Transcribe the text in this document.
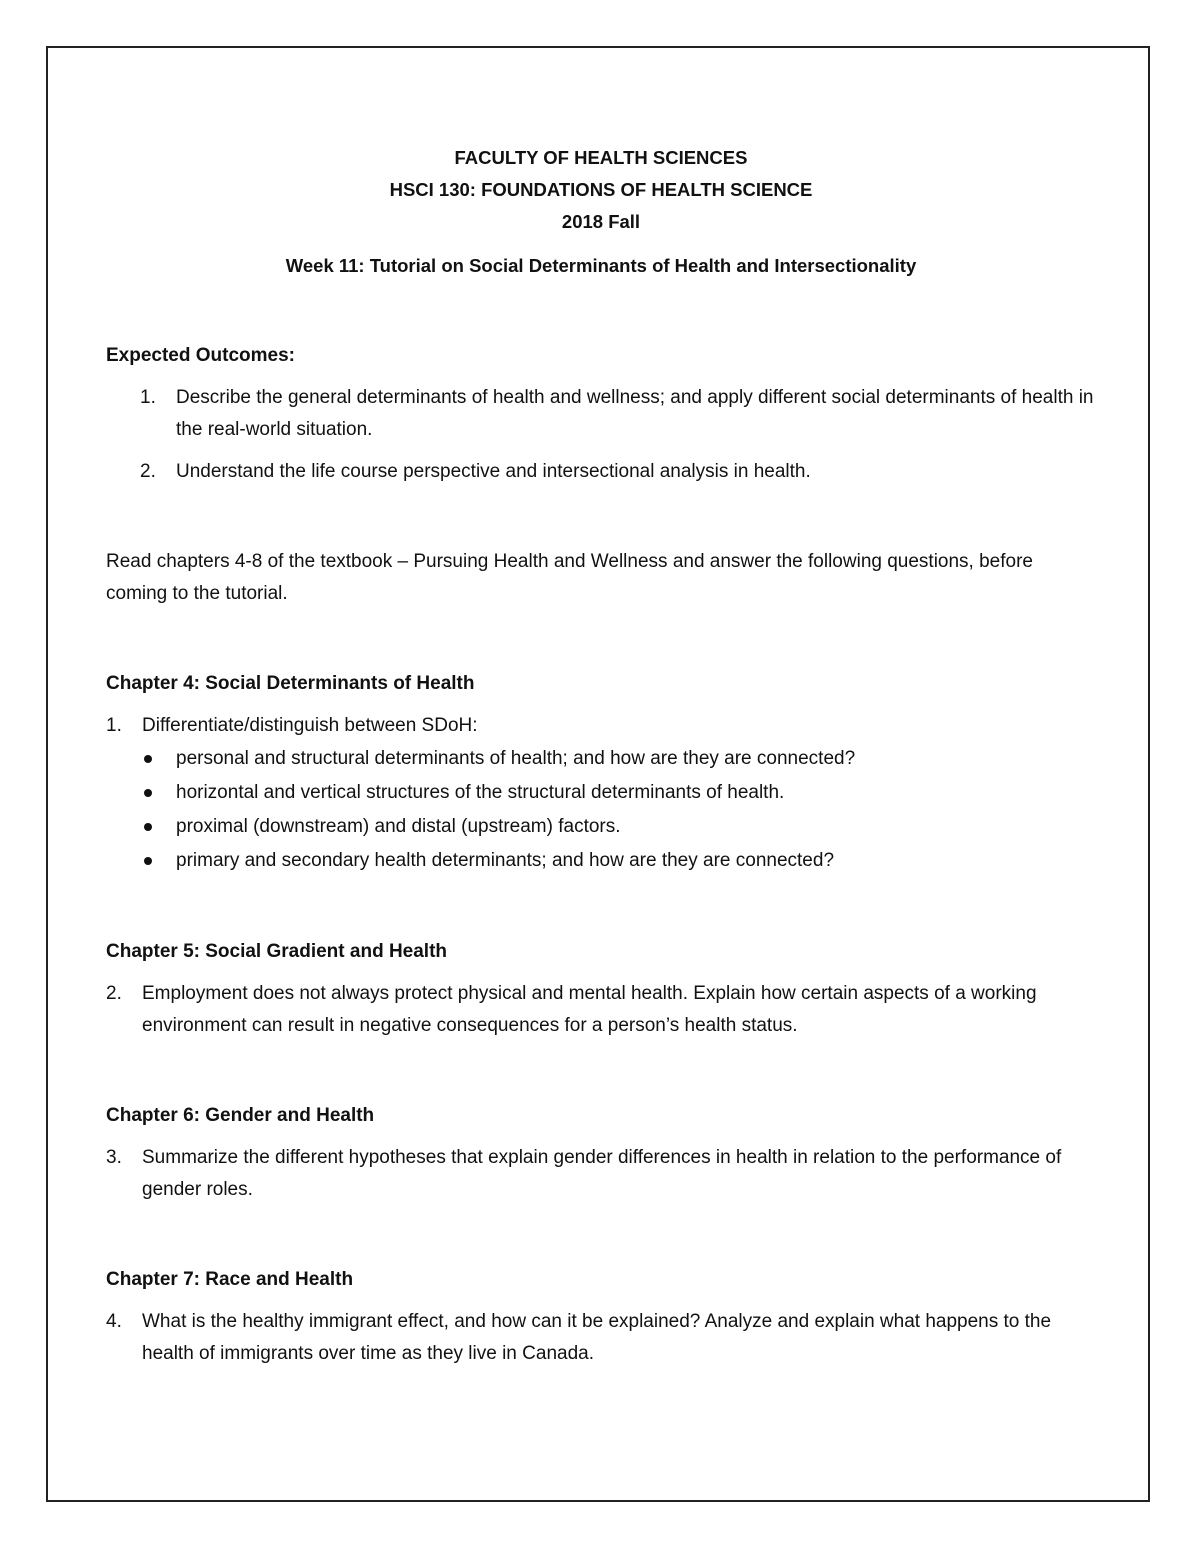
FACULTY OF HEALTH SCIENCES
HSCI 130: FOUNDATIONS OF HEALTH SCIENCE
2018 Fall
Week 11: Tutorial on Social Determinants of Health and Intersectionality
Expected Outcomes:
1. Describe the general determinants of health and wellness; and apply different social determinants of health in the real-world situation.
2. Understand the life course perspective and intersectional analysis in health.
Read chapters 4-8 of the textbook – Pursuing Health and Wellness and answer the following questions, before coming to the tutorial.
Chapter 4: Social Determinants of Health
1. Differentiate/distinguish between SDoH:
personal and structural determinants of health; and how are they are connected?
horizontal and vertical structures of the structural determinants of health.
proximal (downstream) and distal (upstream) factors.
primary and secondary health determinants; and how are they are connected?
Chapter 5: Social Gradient and Health
2. Employment does not always protect physical and mental health. Explain how certain aspects of a working environment can result in negative consequences for a person’s health status.
Chapter 6: Gender and Health
3. Summarize the different hypotheses that explain gender differences in health in relation to the performance of gender roles.
Chapter 7: Race and Health
4. What is the healthy immigrant effect, and how can it be explained? Analyze and explain what happens to the health of immigrants over time as they live in Canada.
